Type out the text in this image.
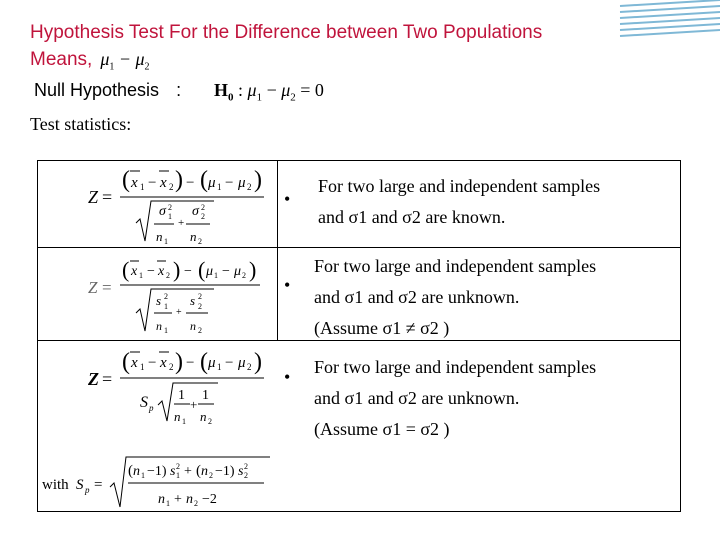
Hypothesis Test For the Difference between Two Populations
Means, $\mu_1 - \mu_2$
Null Hypothesis : $H_0$ : $\mu_1 - \mu_2 = 0$
Test statistics:
Z =
( x 1 − x 2 ) − ( μ 1 − μ 2 )
σ 2
1 σ 2
2
+
n 1 n 2
•
For two large and independent samples
and σ1 and σ2 are known.
Z =
( x 1 − x 2 ) − ( μ 1 − μ 2 )
s 2
1 s 2
2
+
n 1 n 2
•
For two large and independent samples
and σ1 and σ2 are unknown.
(Assume σ1 ≠ σ2 )
Z =
( x 1 − x 2 ) − ( μ 1 − μ 2 )
S p
1 1
+
n 1 n 2
• For two large and independent samples
and σ1 and σ2 are unknown.
(Assume σ1 = σ2 )
with S p =
( n 1 −1) s 2
1 + ( n 2 −1) s 2
2
n 1 + n 2 −2
